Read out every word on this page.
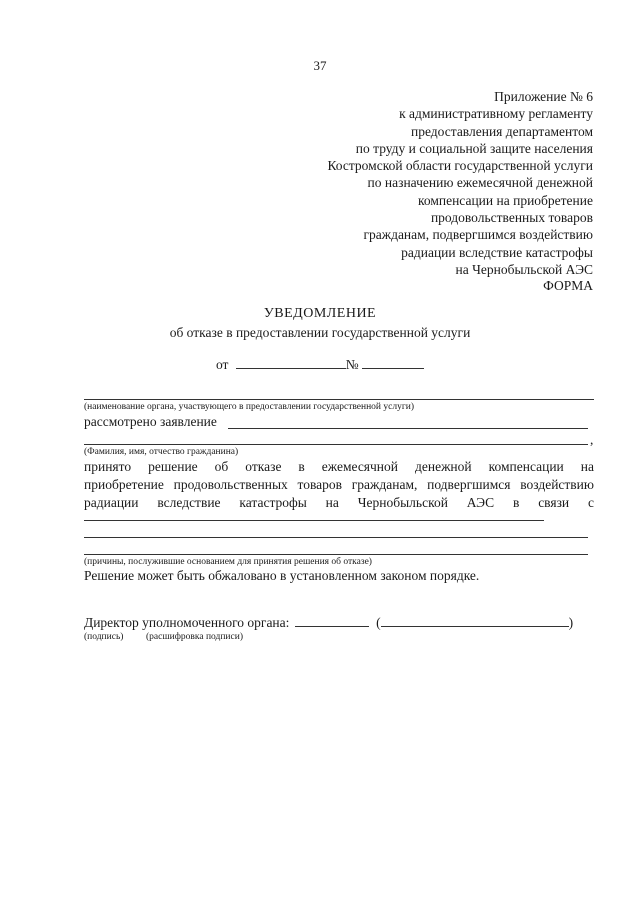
37
Приложение № 6
к административному регламенту
предоставления департаментом
по труду и социальной защите населения
Костромской области государственной услуги
по назначению ежемесячной денежной
компенсации на приобретение
продовольственных товаров
гражданам, подвергшимся воздействию
радиации вследствие катастрофы
на Чернобыльской АЭС
ФОРМА
УВЕДОМЛЕНИЕ
об отказе в предоставлении государственной услуги
от	№
(наименование органа, участвующего в предоставлении государственной услуги)
рассмотрено заявление
,
(Фамилия, имя, отчество гражданина)
принято решение об отказе в ежемесячной денежной компенсации на
приобретение продовольственных товаров гражданам, подвергшимся воздействию
радиации вследствие катастрофы на Чернобыльской АЭС в связи с
(причины, послужившие основанием для принятия решения об отказе)
Решение может быть обжаловано в установленном законом порядке.
Директор уполномоченного органа:	(	)
(подпись) (расшифровка подписи)
